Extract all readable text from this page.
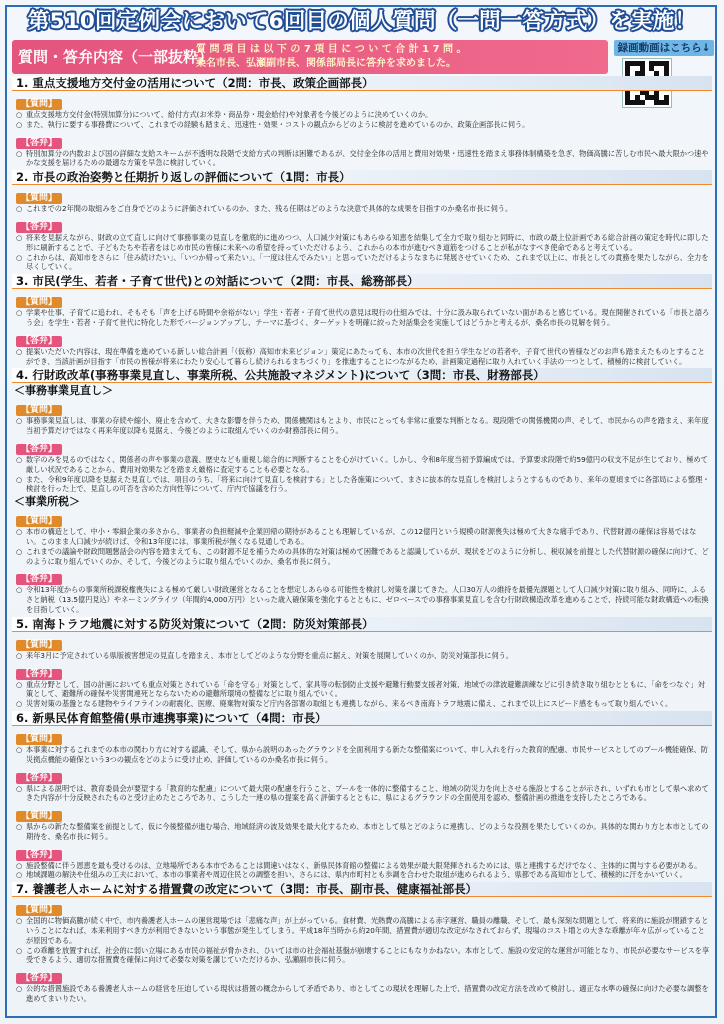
第510回定例会において6回目の個人質問（一問一答方式）を実施！
質問・答弁内容（一部抜粋）
質 問 項 目 は 以 下 の 7 項 目 に つ い て 合 計 1 7 問 。
桑名市長、弘瀬副市長、関係部局長に答弁を求めました。
録画動画はこちら↓
1. 重点支援地方交付金の活用について（2問：市長、政策企画部長）
【質問】

○ 重点支援地方交付金(特別加算分)について、給付方式(お米券・商品券・現金給付)や対象者を今後どのように決めていくのか。

○ また、執行に要する事務費について、これまでの経験も踏まえ、迅速性・効果・コストの観点からどのように検討を進めているのか、政策企画部長に伺う。

【答弁】

○ 特別加算分の内数および国の詳細な支給スキームが不透明な段階で支給方式の判断は困難であるが、交付金全体の活用と費用対効果・迅速性を踏まえ事務体制構築を急ぎ、物価高騰に苦しむ市民へ最大限かつ速やかな支援を届けるための最適な方策を早急に検討していく。

2. 市長の政治姿勢と任期折り返しの評価について（1問：市長）
【質問】

○ これまでの2年間の取組みをご自身でどのように評価されているのか、また、残る任期はどのような決意で具体的な成果を目指すのか桑名市長に伺う。

【答弁】

○ 将来を見据えながら、財政の立て直しに向けて事務事業の見直しを徹底的に進めつつ、人口減少対策にもあらゆる知恵を結集して全力で取り組むと同時に、市政の最上位計画である総合計画の策定を時代に即した形に刷新することで、子どもたちや若者をはじめ市民の皆様に未来への希望を持っていただけるよう、これからの本市が進むべき道筋をつけることが私がなすべき使命であると考えている。

○ これからは、高知市をさらに「住み続けたい」、「いつか帰って来たい」、「一度は住んでみたい」と思っていただけるようなまちに発展させていくため、これまで以上に、市長としての責務を果たしながら、全力を尽くしていく。

3. 市民(学生、若者・子育て世代)との対話について（2問：市長、総務部長）
【質問】

○ 学業や仕事、子育てに追われ、そもそも「声を上げる時間や余裕がない」学生・若者・子育て世代の意見は現行の仕組みでは、十分に汲み取られていない面があると感じている。現在開催されている「市長と語ろう会」を学生・若者・子育て世代に特化した形でバージョンアップし、テーマに基づく、ターゲットを明確に絞った対話集会を実施してはどうかと考えるが、桑名市長の見解を伺う。

【答弁】

○ 提案いただいた内容は、現在準備を進めている新しい総合計画「（仮称）高知市未来ビジョン」策定にあたっても、本市の次世代を担う学生などの若者や、子育て世代の皆様などのお声も踏まえたものとすることができ、当該計画が目指す「市民の皆様が将来にわたり安心して暮らし続けられるまちづくり」を推進することにつながるため、計画策定過程に取り入れていく手法の一つとして、積極的に検討していく。

4. 行財政改革(事務事業見直し、事業所税、公共施設マネジメント)について（3問：市長、財務部長）
＜事務事業見直し＞
【質問】

○ 事務事業見直しは、事業の存続や縮小、廃止を含めて、大きな影響を伴うため、関係機関はもとより、市民にとっても非常に重要な判断となる。現段階での関係機関の声、そして、市民からの声を踏まえ、来年度当初予算だけではなく再来年度以降も見据え、今後どのように取組んでいくのか財務部長に伺う。

【答弁】

○ 数字のみを見るのではなく、関係者の声や事業の意義、歴史なども重視し総合的に判断することを心がけていく。しかし、令和8年度当初予算編成では、予算要求段階で約59億円の収支不足が生じており、極めて厳しい状況であることから、費用対効果などを踏まえ厳格に査定することも必要となる。

○ また、令和9年度以降を見据えた見直しでは、項目のうち、「将来に向けて見直しを検討する」とした各施策について、まさに抜本的な見直しを検討しようとするものであり、来年の夏頃までに各部局による整理・検討を行った上で、見直しの可否を含めた方向性等について、庁内で協議を行う。

＜事業所税＞
【質問】

○ 本市の構造として、中小・零細企業の多さから、事業者の負担軽減や企業回帰の期待があることも理解しているが、この12億円という規模の財源喪失は極めて大きな痛手であり、代替財源の確保は容易ではない。このまま人口減少が続けば、令和13年度には、事業所税が無くなる見通しである。

○ これまでの議論や財政問題懇話会の内容を踏まえても、この財源不足を補うための具体的な対策は極めて困難であると認識しているが、現状をどのように分析し、税収減を前提とした代替財源の確保に向けて、どのように取り組んでいくのか、そして、今後どのように取り組んでいくのか、桑名市長に伺う。

【答弁】

○ 令和13年度からの事業所税課税権喪失による極めて厳しい財政運営となることを想定しあらゆる可能性を検討し対策を講じてきた。人口30万人の維持を最優先課題として人口減少対策に取り組み、同時に、ふるさと納税（13.5億円見込）やネーミングライツ（年間約4,000万円）といった歳入確保策を強化するとともに、ゼロベースでの事務事業見直しを含む行財政構造改革を進めることで、持続可能な財政構造への転換を目指していく。

5. 南海トラフ地震に対する防災対策について（2問：防災対策部長）
【質問】

○ 来年3月に予定されている県版被害想定の見直しを踏まえ、本市としてどのような分野を重点に据え、対策を展開していくのか、防災対策部長に伺う。

【答弁】

○ 重点分野として、国の計画においても重点対策とされている「命を守る」対策として、家具等の転倒防止支援や避難行動要支援者対策、地域での津波避難訓練などに引き続き取り組むとともに、「命をつなぐ」対策として、避難所の確保や災害関連死とならないための避難所環境の整備などに取り組んでいく。

○ 災害対策の基盤となる建物やライフラインの耐震化、医療、廃棄物対策など庁内各部署の取組とも連携しながら、来るべき南海トラフ地震に備え、これまで以上にスピード感をもって取り組んでいく。

6. 新県民体育館整備(県市連携事業)について（4問：市長）
【質問】

○ 本事業に対するこれまでの本市の関わり方に対する認識、そして、県から説明のあったグラウンドを全面利用する新たな整備案について、申し入れを行った教育的配慮、市民サービスとしてのプール機能確保、防災拠点機能の確保という3つの観点をどのように受け止め、評価しているのか桑名市長に伺う。

【答弁】

○ 県による説明では、教育委員会が要望する「教育的な配慮」について最大限の配慮を行うこと、プールを一体的に整備すること、地域の防災力を向上させる施設とすることが示され、いずれも市として県へ求めてきた内容が十分反映されたものと受け止めたところであり、こうした一連の県の提案を高く評価するとともに、県によるグラウンドの全面使用を認め、整備計画の推進を支持したところである。

【質問】

○ 県からの新たな整備案を前提として、仮に今後整備が進む場合、地域経済の波及効果を最大化するため、本市として県とどのように連携し、どのような役割を果たしていくのか。具体的な関わり方と本市としての期待を、桑名市長に伺う。

【答弁】

○ 施設整備に伴う恩恵を最も受けるのは、立地場所である本市であることは間違いはなく、新県民体育館の整備による効果が最大限発揮されるためには、県と連携するだけでなく、主体的に関与する必要がある。

○ 地域課題の解決や仕組みの工夫において、本市の事業者や周辺住民との調整を担い、さらには、県内市町村とも歩調を合わせた取組が進められるよう、県都である高知市として、積極的に汗をかいていく。

7. 養護老人ホームに対する措置費の改定について（3問：市長、副市長、健康福祉部長）
【質問】

○ 全国的に物価高騰が続く中で、市内養護老人ホームの運営現場では「悲痛な声」が上がっている。食材費、光熱費の高騰による赤字運営、職員の離職、そして、最も深刻な問題として、将来的に施設が閉鎖するということになれば、本来利用すべき方が利用できないという事態が発生してしまう。平成18年当時から約20年間、措置費が適切な改定がなされておらず、現場のコスト増との大きな乖離が年々広がっていることが原因である。

○ この乖離を放置すれば、社会的に弱い立場にある市民の福祉が脅かされ、ひいては市の社会福祉基盤が崩壊することにもなりかねない。本市として、施設の安定的な運営が可能となり、市民が必要なサービスを享受できるよう、適切な措置費を確保に向けて必要な対策を講じていただけるか、弘瀬副市長に伺う。

【答弁】

○ 公的な措置施設である養護老人ホームの経営を圧迫している現状は措置の概念からして矛盾であり、市としてこの現状を理解した上で、措置費の改定方法を改めて検討し、適正な水準の確保に向けた必要な調整を進めてまいりたい。
